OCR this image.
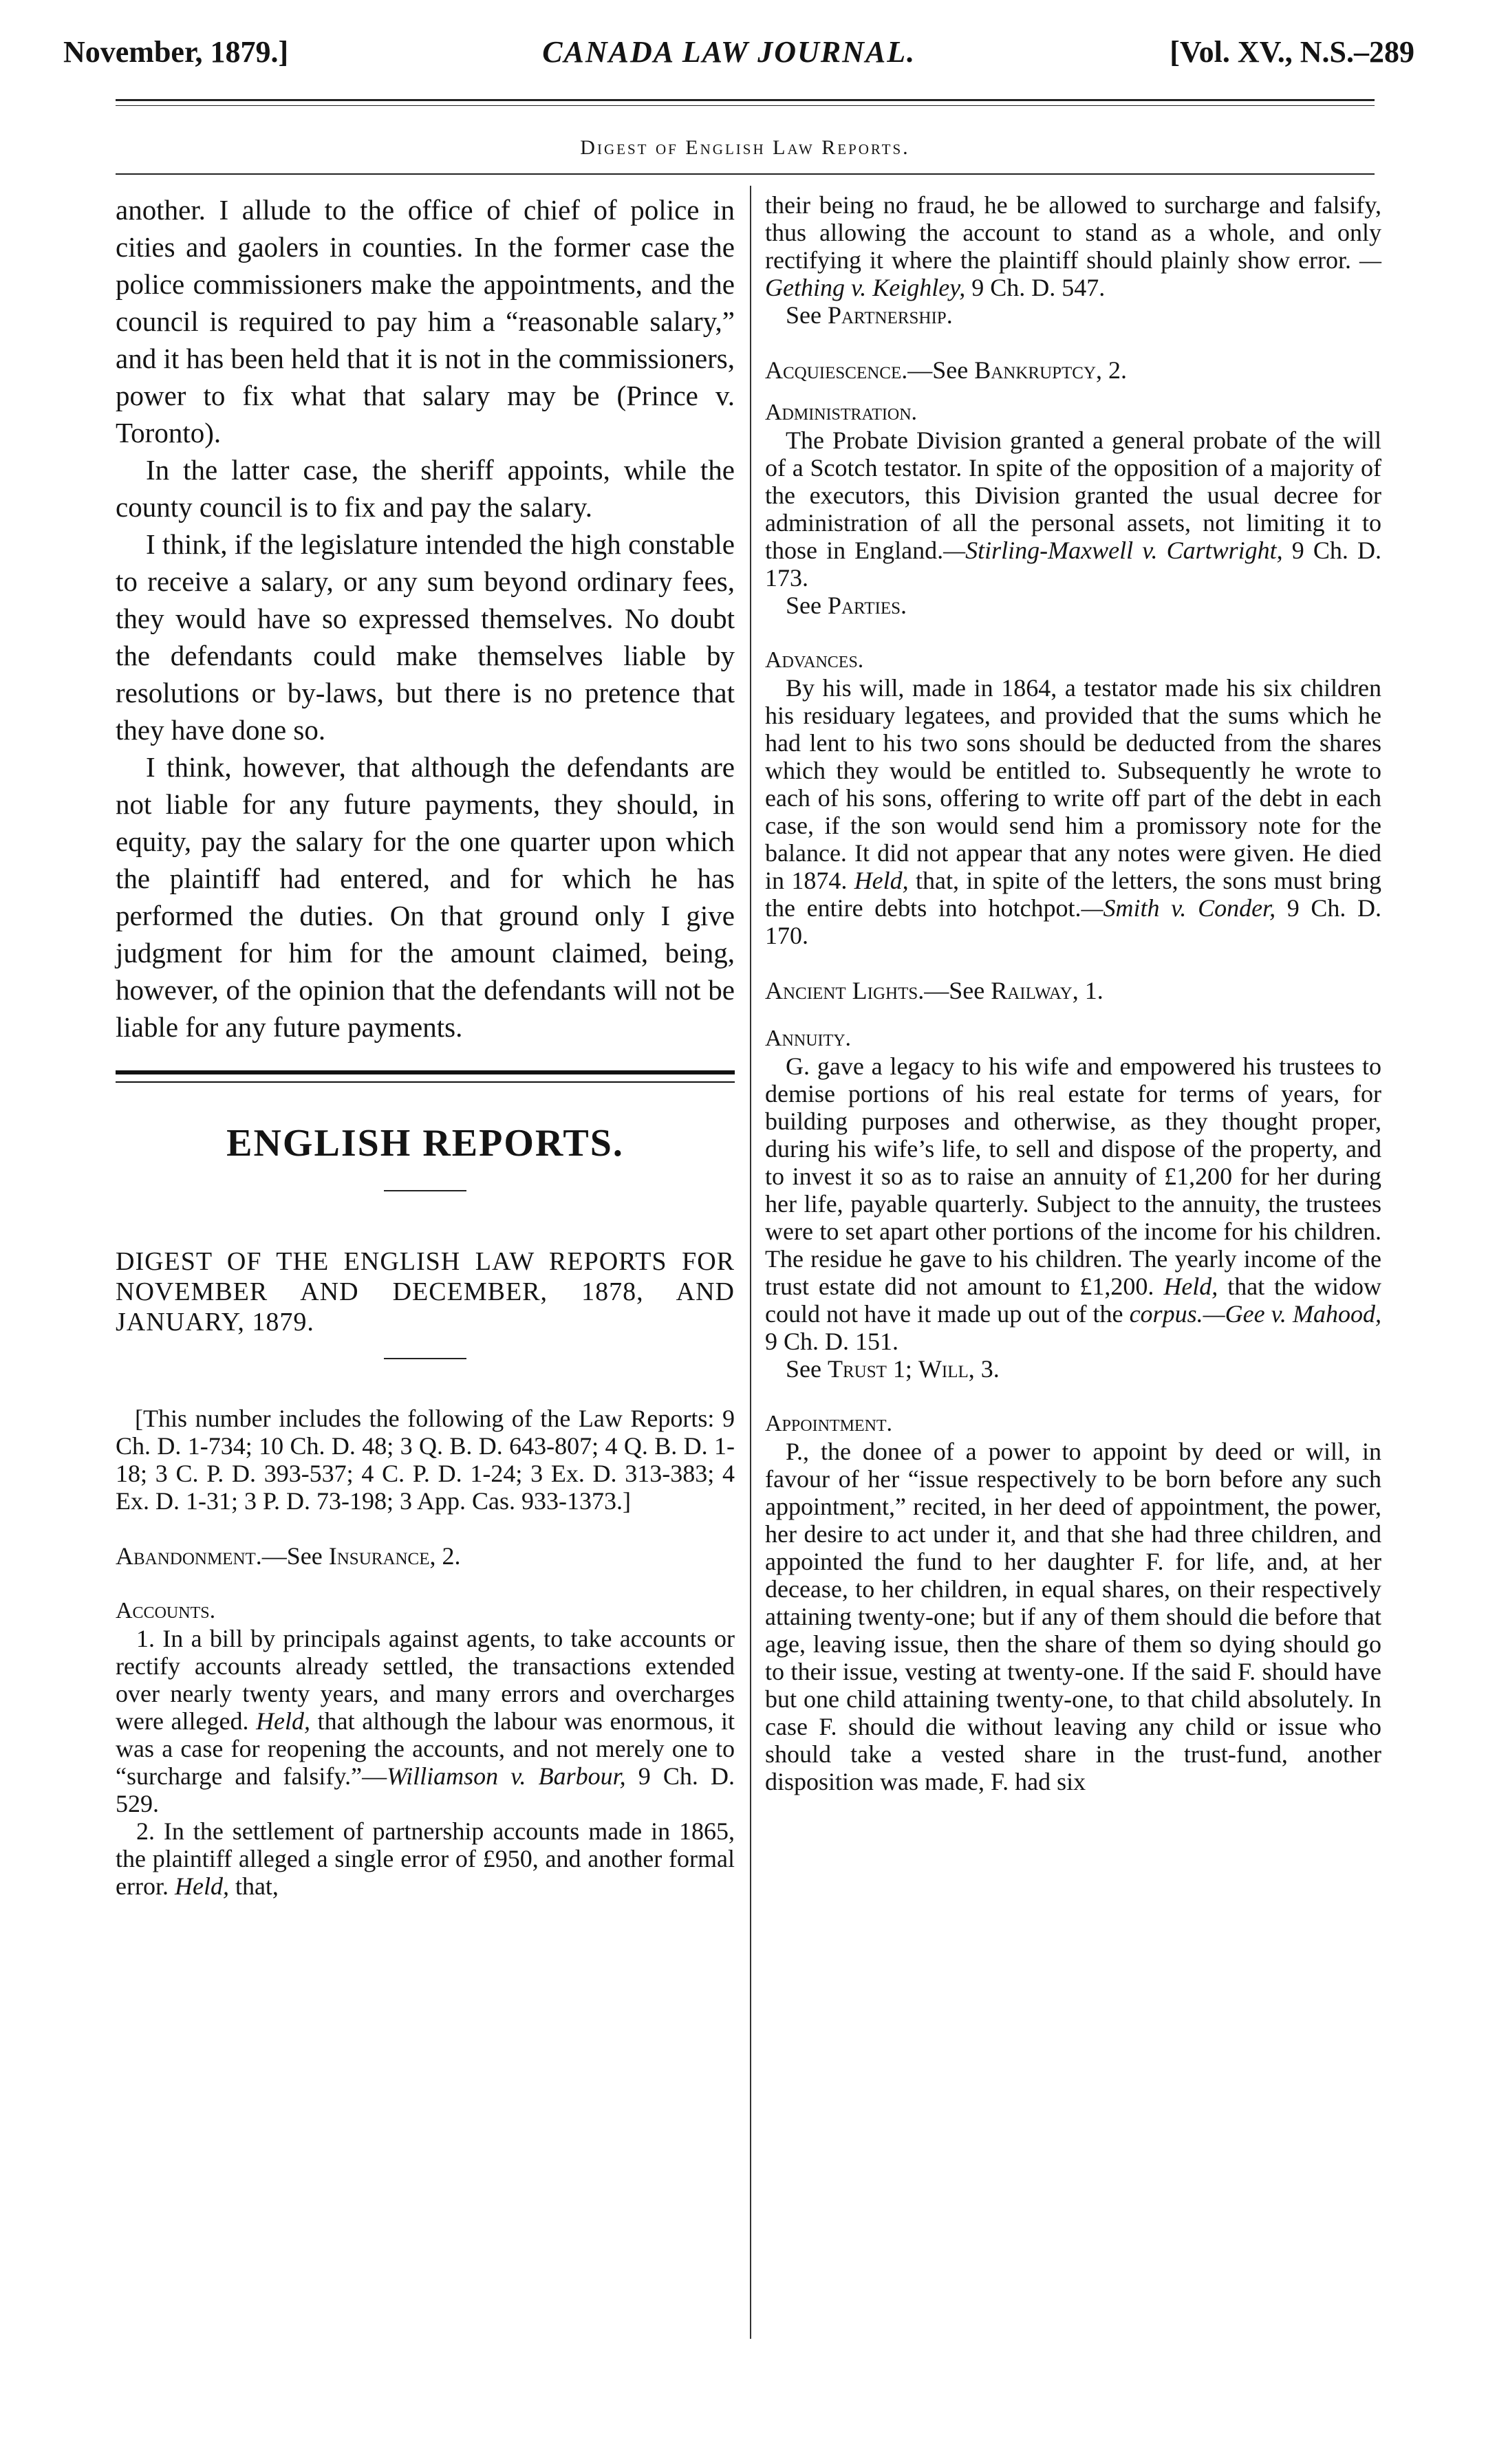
November, 1879.]	CANADA LAW JOURNAL.	[Vol. XV., N.S.–289
Digest of English Law Reports.

another. I allude to the office of chief of police in cities and gaolers in counties. In the former case the police commissioners make the appointments, and the council is required to pay him a “reasonable salary,” and it has been held that it is not in the commissioners, power to fix what that salary may be (Prince v. Toronto).

In the latter case, the sheriff appoints, while the county council is to fix and pay the salary.

I think, if the legislature intended the high constable to receive a salary, or any sum beyond ordinary fees, they would have so expressed themselves. No doubt the defendants could make themselves liable by resolutions or by-laws, but there is no pretence that they have done so.

I think, however, that although the defendants are not liable for any future payments, they should, in equity, pay the salary for the one quarter upon which the plaintiff had entered, and for which he has performed the duties. On that ground only I give judgment for him for the amount claimed, being, however, of the opinion that the defendants will not be liable for any future payments.

ENGLISH REPORTS.
DIGEST OF THE ENGLISH LAW REPORTS FOR NOVEMBER AND DECEMBER, 1878, AND JANUARY, 1879.
[This number includes the following of the Law Reports: 9 Ch. D. 1-734; 10 Ch. D. 48; 3 Q. B. D. 643-807; 4 Q. B. D. 1-18; 3 C. P. D. 393-537; 4 C. P. D. 1-24; 3 Ex. D. 313-383; 4 Ex. D. 1-31; 3 P. D. 73-198; 3 App. Cas. 933-1373.]

Abandonment.—See Insurance, 2.

Accounts.

1. In a bill by principals against agents, to take accounts or rectify accounts already settled, the transactions extended over nearly twenty years, and many errors and overcharges were alleged. Held, that although the labour was enormous, it was a case for reopening the accounts, and not merely one to “surcharge and falsify.”—Williamson v. Barbour, 9 Ch. D. 529.

2. In the settlement of partnership accounts made in 1865, the plaintiff alleged a single error of £950, and another formal error. Held, that,

their being no fraud, he be allowed to surcharge and falsify, thus allowing the account to stand as a whole, and only rectifying it where the plaintiff should plainly show error. —Gething v. Keighley, 9 Ch. D. 547.

See Partnership.

Acquiescence.—See Bankruptcy, 2.

Administration.

The Probate Division granted a general probate of the will of a Scotch testator. In spite of the opposition of a majority of the executors, this Division granted the usual decree for administration of all the personal assets, not limiting it to those in England.—Stirling-Maxwell v. Cartwright, 9 Ch. D. 173.

See Parties.

Advances.

By his will, made in 1864, a testator made his six children his residuary legatees, and provided that the sums which he had lent to his two sons should be deducted from the shares which they would be entitled to. Subsequently he wrote to each of his sons, offering to write off part of the debt in each case, if the son would send him a promissory note for the balance. It did not appear that any notes were given. He died in 1874. Held, that, in spite of the letters, the sons must bring the entire debts into hotchpot.—Smith v. Conder, 9 Ch. D. 170.

Ancient Lights.—See Railway, 1.

Annuity.

G. gave a legacy to his wife and empowered his trustees to demise portions of his real estate for terms of years, for building purposes and otherwise, as they thought proper, during his wife’s life, to sell and dispose of the property, and to invest it so as to raise an annuity of £1,200 for her during her life, payable quarterly. Subject to the annuity, the trustees were to set apart other portions of the income for his children. The residue he gave to his children. The yearly income of the trust estate did not amount to £1,200. Held, that the widow could not have it made up out of the corpus.—Gee v. Mahood, 9 Ch. D. 151.

See Trust 1; Will, 3.

Appointment.

P., the donee of a power to appoint by deed or will, in favour of her “issue respectively to be born before any such appointment,” recited, in her deed of appointment, the power, her desire to act under it, and that she had three children, and appointed the fund to her daughter F. for life, and, at her decease, to her children, in equal shares, on their respectively attaining twenty-one; but if any of them should die before that age, leaving issue, then the share of them so dying should go to their issue, vesting at twenty-one. If the said F. should have but one child attaining twenty-one, to that child absolutely. In case F. should die without leaving any child or issue who should take a vested share in the trust-fund, another disposition was made, F. had six
